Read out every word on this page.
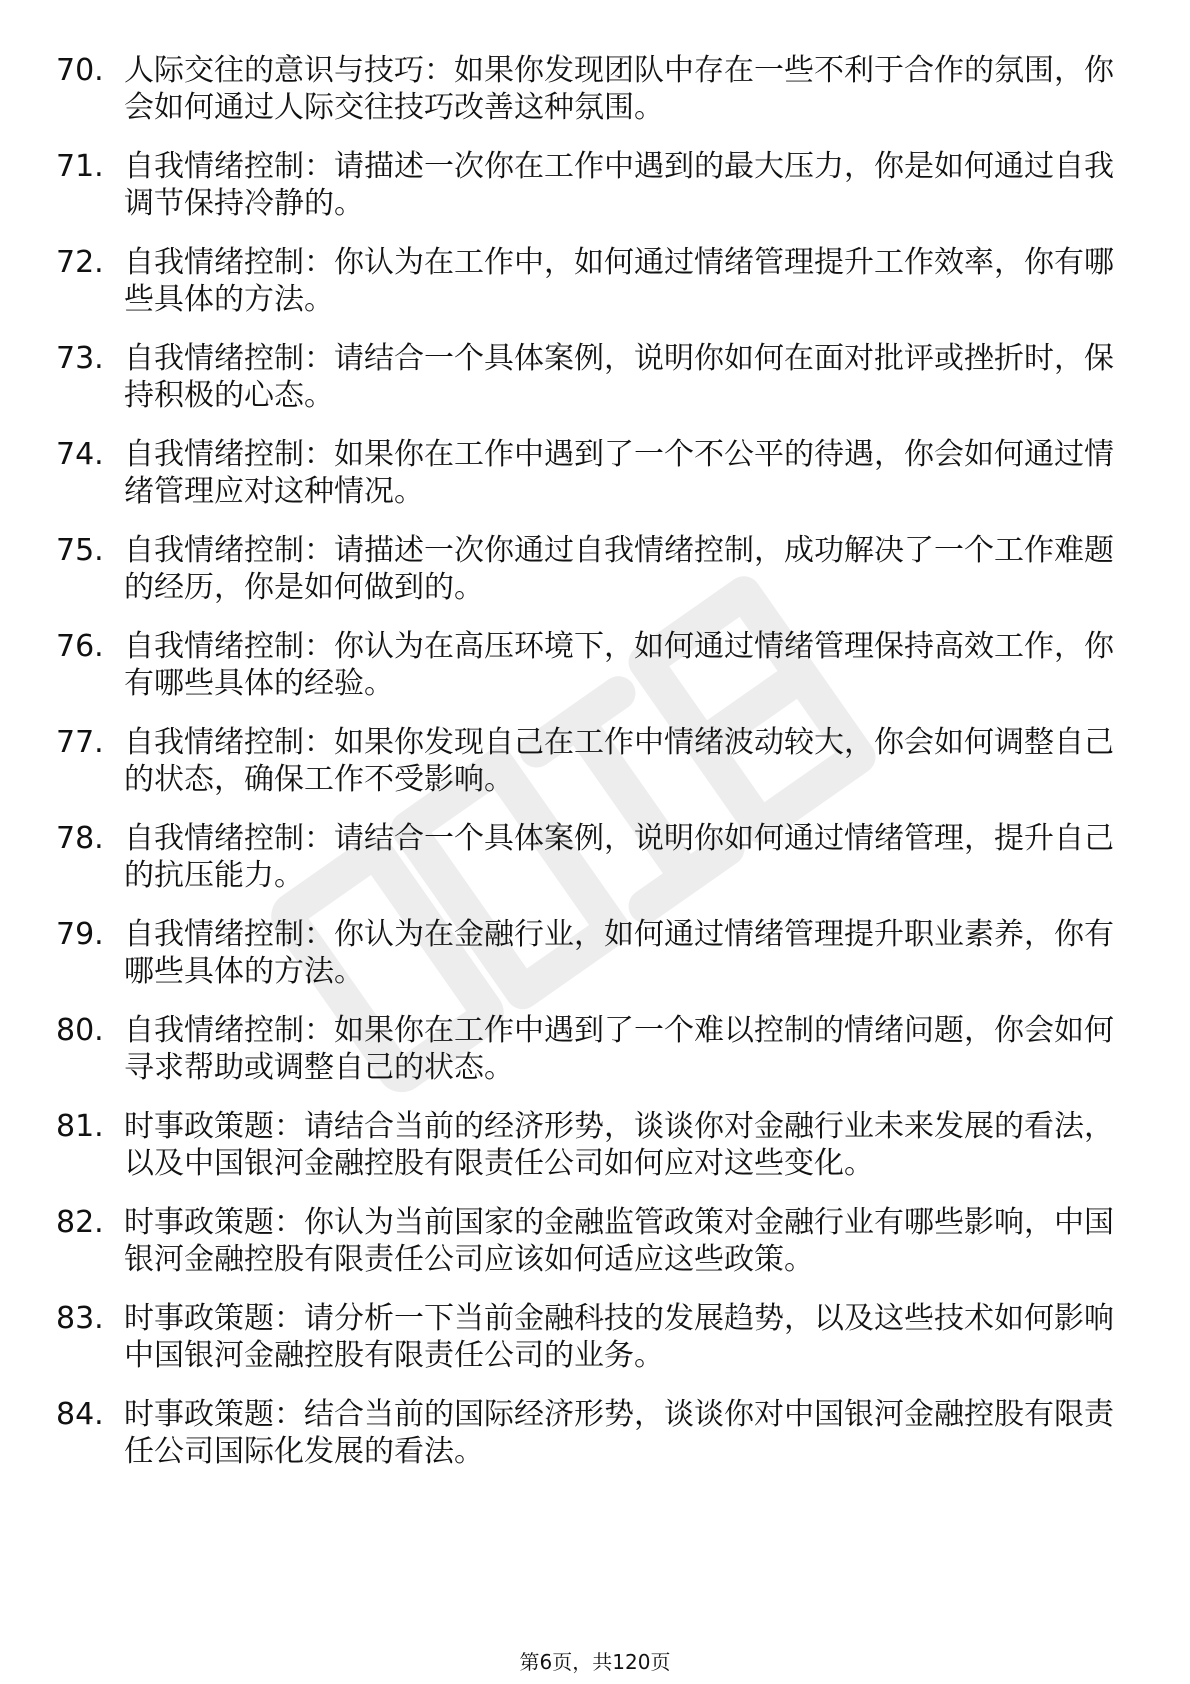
70. 人际交往的意识与技巧：如果你发现团队中存在一些不利于合作的氛围，你会如何通过人际交往技巧改善这种氛围。
71. 自我情绪控制：请描述一次你在工作中遇到的最大压力，你是如何通过自我调节保持冷静的。
72. 自我情绪控制：你认为在工作中，如何通过情绪管理提升工作效率，你有哪些具体的方法。
73. 自我情绪控制：请结合一个具体案例，说明你如何在面对批评或挫折时，保持积极的心态。
74. 自我情绪控制：如果你在工作中遇到了一个不公平的待遇，你会如何通过情绪管理应对这种情况。
75. 自我情绪控制：请描述一次你通过自我情绪控制，成功解决了一个工作难题的经历，你是如何做到的。
76. 自我情绪控制：你认为在高压环境下，如何通过情绪管理保持高效工作，你有哪些具体的经验。
77. 自我情绪控制：如果你发现自己在工作中情绪波动较大，你会如何调整自己的状态，确保工作不受影响。
78. 自我情绪控制：请结合一个具体案例，说明你如何通过情绪管理，提升自己的抗压能力。
79. 自我情绪控制：你认为在金融行业，如何通过情绪管理提升职业素养，你有哪些具体的方法。
80. 自我情绪控制：如果你在工作中遇到了一个难以控制的情绪问题，你会如何寻求帮助或调整自己的状态。
81. 时事政策题：请结合当前的经济形势，谈谈你对金融行业未来发展的看法，以及中国银河金融控股有限责任公司如何应对这些变化。
82. 时事政策题：你认为当前国家的金融监管政策对金融行业有哪些影响，中国银河金融控股有限责任公司应该如何适应这些政策。
83. 时事政策题：请分析一下当前金融科技的发展趋势，以及这些技术如何影响中国银河金融控股有限责任公司的业务。
84. 时事政策题：结合当前的国际经济形势，谈谈你对中国银河金融控股有限责任公司国际化发展的看法。
第6页，共120页
